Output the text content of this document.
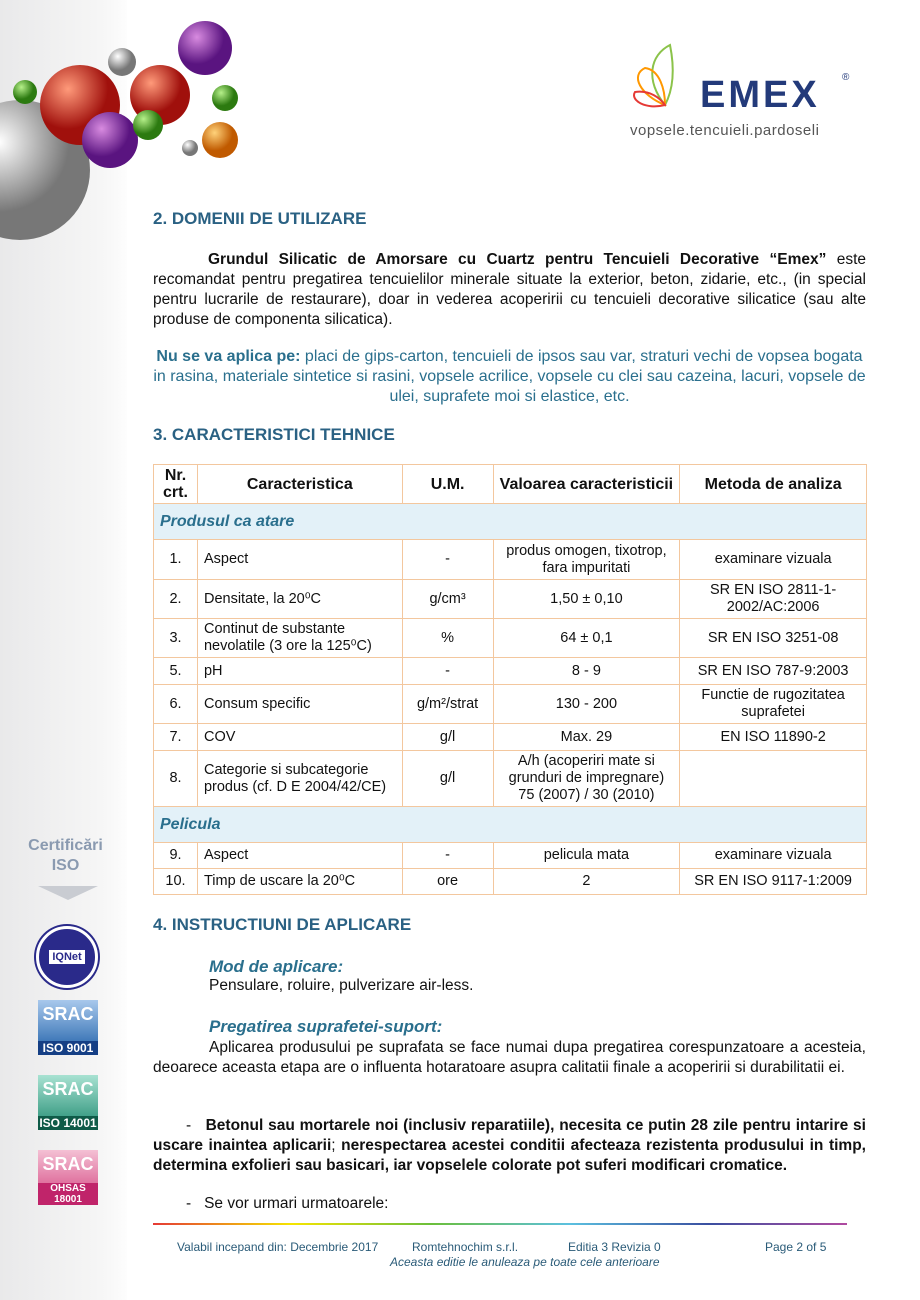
EMEX ®
vopsele.tencuieli.pardoseli
Certificări ISO
IQNet
SRAC
ISO 9001
SRAC
ISO 14001
SRAC
OHSAS 18001
2. DOMENII DE UTILIZARE
Grundul Silicatic de Amorsare cu Cuartz pentru Tencuieli Decorative “Emex” este recomandat pentru pregatirea tencuielilor minerale situate la exterior, beton, zidarie, etc., (in special pentru lucrarile de restaurare), doar in vederea acoperirii cu tencuieli decorative silicatice (sau alte produse de componenta silicatica).
Nu se va aplica pe: placi de gips-carton, tencuieli de ipsos sau var, straturi vechi de vopsea bogata in rasina, materiale sintetice si rasini, vopsele acrilice, vopsele cu clei sau cazeina, lacuri, vopsele de ulei, suprafete moi si elastice, etc.
3. CARACTERISTICI TEHNICE
Nr. crt.	Caracteristica	U.M.	Valoarea caracteristicii	Metoda de analiza
Produsul ca atare				
1.	Aspect	-	produs omogen, tixotrop, fara impuritati	examinare vizuala
2.	Densitate, la 20⁰C	g/cm³	1,50 ± 0,10	SR EN ISO 2811-1-2002/AC:2006
3.	Continut de substante nevolatile (3 ore la 125⁰C)	%	64 ± 0,1	SR EN ISO 3251-08
5.	pH	-	8 - 9	SR EN ISO 787-9:2003
6.	Consum specific	g/m²/strat	130 - 200	Functie de rugozitatea suprafetei
7.	COV	g/l	Max. 29	EN ISO 11890-2
8.	Categorie si subcategorie produs (cf. D E 2004/42/CE)	g/l	A/h (acoperiri mate si grunduri de impregnare) 75 (2007) / 30 (2010)	
Pelicula				
9.	Aspect	-	pelicula mata	examinare vizuala
10.	Timp de uscare la 20⁰C	ore	2	SR EN ISO 9117-1:2009
4. INSTRUCTIUNI DE APLICARE
Mod de aplicare:
Pensulare, roluire, pulverizare air-less.
Pregatirea suprafetei-suport:
Aplicarea produsului pe suprafata se face numai dupa pregatirea corespunzatoare a acesteia, deoarece aceasta etapa are o influenta hotaratoare asupra calitatii finale a acoperirii si durabilitatii ei.
-   Betonul sau mortarele noi (inclusiv reparatiile), necesita ce putin 28 zile pentru intarire si uscare inaintea aplicarii; nerespectarea acestei conditii afecteaza rezistenta produsului in timp, determina exfolieri sau basicari, iar vopselele colorate pot suferi modificari cromatice.
-   Se vor urmari urmatoarele:
Valabil incepand din: Decembrie 2017	Romtehnochim s.r.l.	Editia 3 Revizia 0	Page 2 of 5
Aceasta editie le anuleaza pe toate cele anterioare
